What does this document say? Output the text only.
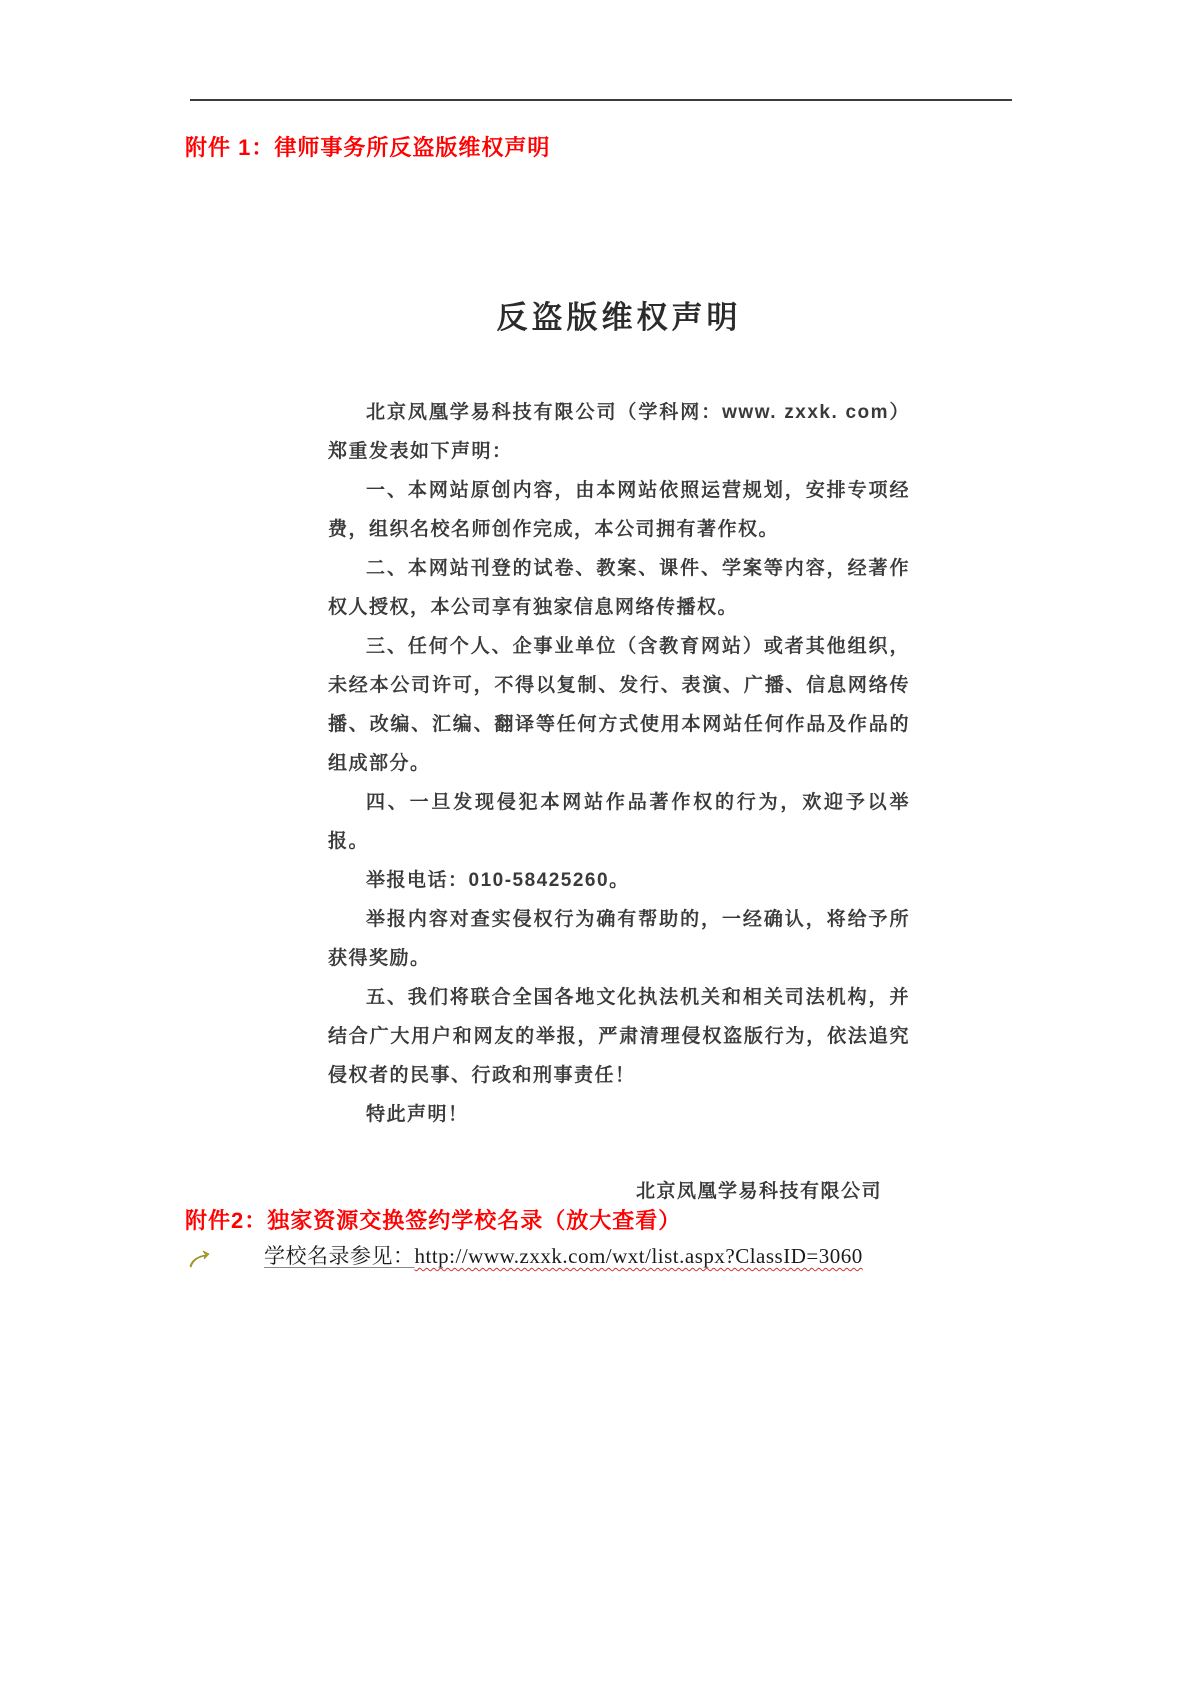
附件 1：律师事务所反盗版维权声明
反盗版维权声明

北京凤凰学易科技有限公司（学科网：www. zxxk. com）郑重发表如下声明：

一、本网站原创内容，由本网站依照运营规划，安排专项经费，组织名校名师创作完成，本公司拥有著作权。

二、本网站刊登的试卷、教案、课件、学案等内容，经著作权人授权，本公司享有独家信息网络传播权。

三、任何个人、企事业单位（含教育网站）或者其他组织，未经本公司许可，不得以复制、发行、表演、广播、信息网络传播、改编、汇编、翻译等任何方式使用本网站任何作品及作品的组成部分。

四、一旦发现侵犯本网站作品著作权的行为，欢迎予以举报。

举报电话：010-58425260。

举报内容对查实侵权行为确有帮助的，一经确认，将给予所获得奖励。

五、我们将联合全国各地文化执法机关和相关司法机构，并结合广大用户和网友的举报，严肃清理侵权盗版行为，依法追究侵权者的民事、行政和刑事责任！

特此声明！

北京凤凰学易科技有限公司
附件2：独家资源交换签约学校名录（放大查看）
学校名录参见：http://www.zxxk.com/wxt/list.aspx?ClassID=3060
